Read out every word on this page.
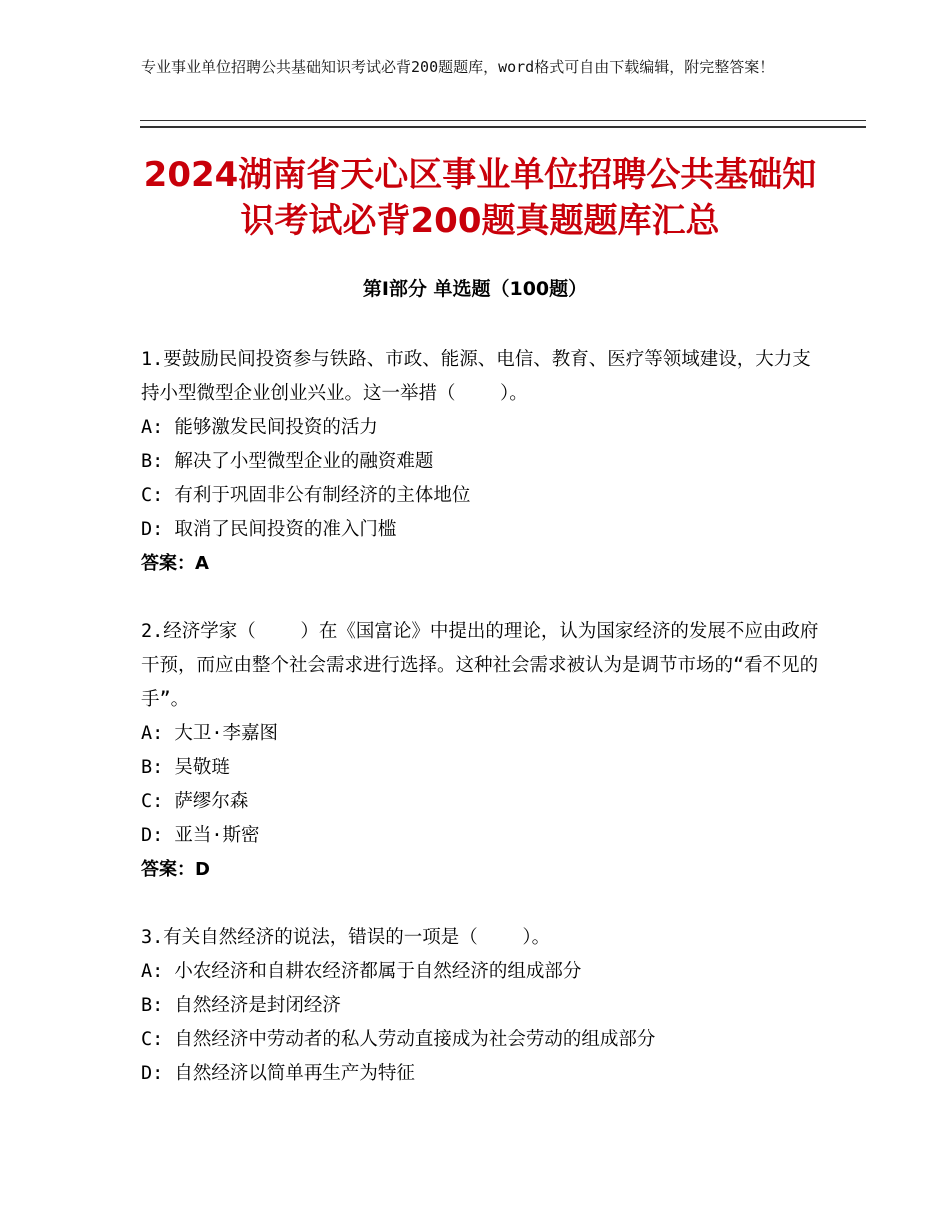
专业事业单位招聘公共基础知识考试必背200题题库，word格式可自由下载编辑，附完整答案！
2024湖南省天心区事业单位招聘公共基础知识考试必背200题真题题库汇总
第Ⅰ部分 单选题（100题）
1.要鼓励民间投资参与铁路、市政、能源、电信、教育、医疗等领域建设，大力支持小型微型企业创业兴业。这一举措（    ）。
A: 能够激发民间投资的活力
B: 解决了小型微型企业的融资难题
C: 有利于巩固非公有制经济的主体地位
D: 取消了民间投资的准入门槛
答案：A
2.经济学家（    ）在《国富论》中提出的理论，认为国家经济的发展不应由政府干预，而应由整个社会需求进行选择。这种社会需求被认为是调节市场的“看不见的手”。
A: 大卫·李嘉图
B: 吴敬琏
C: 萨缪尔森
D: 亚当·斯密
答案：D
3.有关自然经济的说法，错误的一项是（    ）。
A: 小农经济和自耕农经济都属于自然经济的组成部分
B: 自然经济是封闭经济
C: 自然经济中劳动者的私人劳动直接成为社会劳动的组成部分
D: 自然经济以简单再生产为特征
